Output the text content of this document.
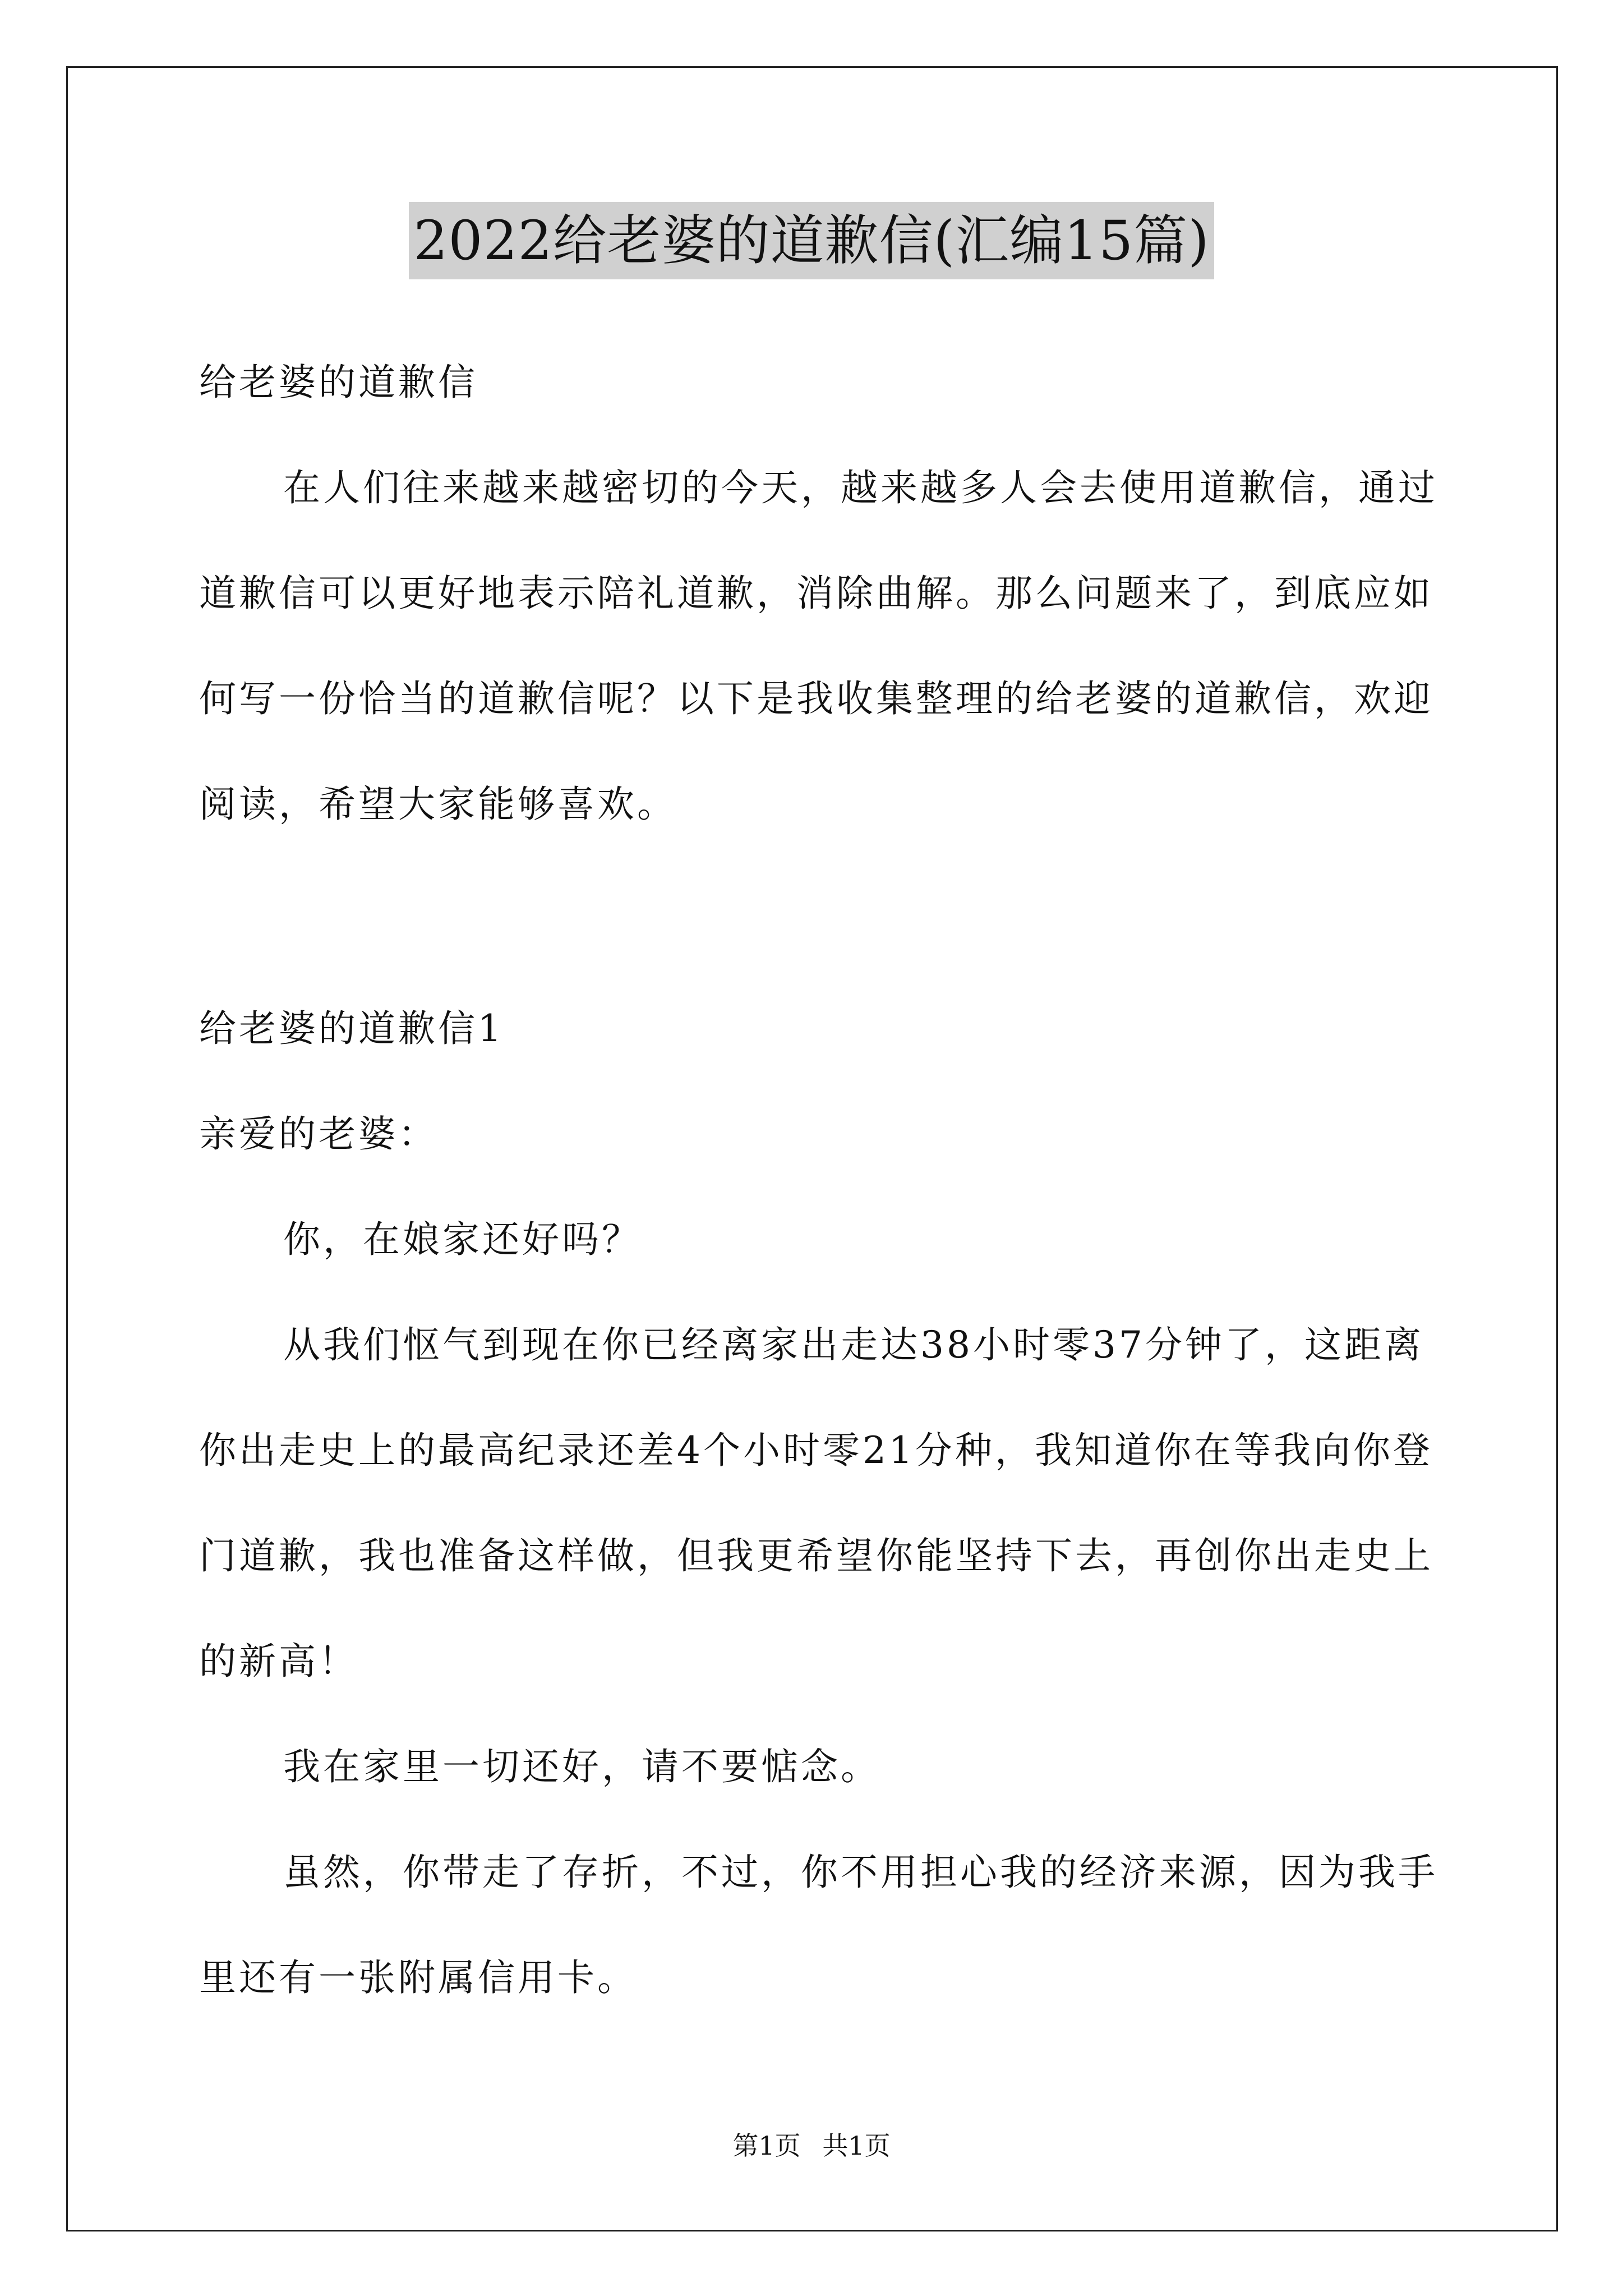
2022给老婆的道歉信(汇编15篇)

给老婆的道歉信

在人们往来越来越密切的今天，越来越多人会去使用道歉信，通过道歉信可以更好地表示陪礼道歉，消除曲解。那么问题来了，到底应如何写一份恰当的道歉信呢？以下是我收集整理的给老婆的道歉信，欢迎阅读，希望大家能够喜欢。

给老婆的道歉信1

亲爱的老婆：

你，在娘家还好吗？

从我们怄气到现在你已经离家出走达38小时零37分钟了，这距离你出走史上的最高纪录还差4个小时零21分种，我知道你在等我向你登门道歉，我也准备这样做，但我更希望你能坚持下去，再创你出走史上的新高！

我在家里一切还好，请不要惦念。

虽然，你带走了存折，不过，你不用担心我的经济来源，因为我手里还有一张附属信用卡。

第1页 共1页
